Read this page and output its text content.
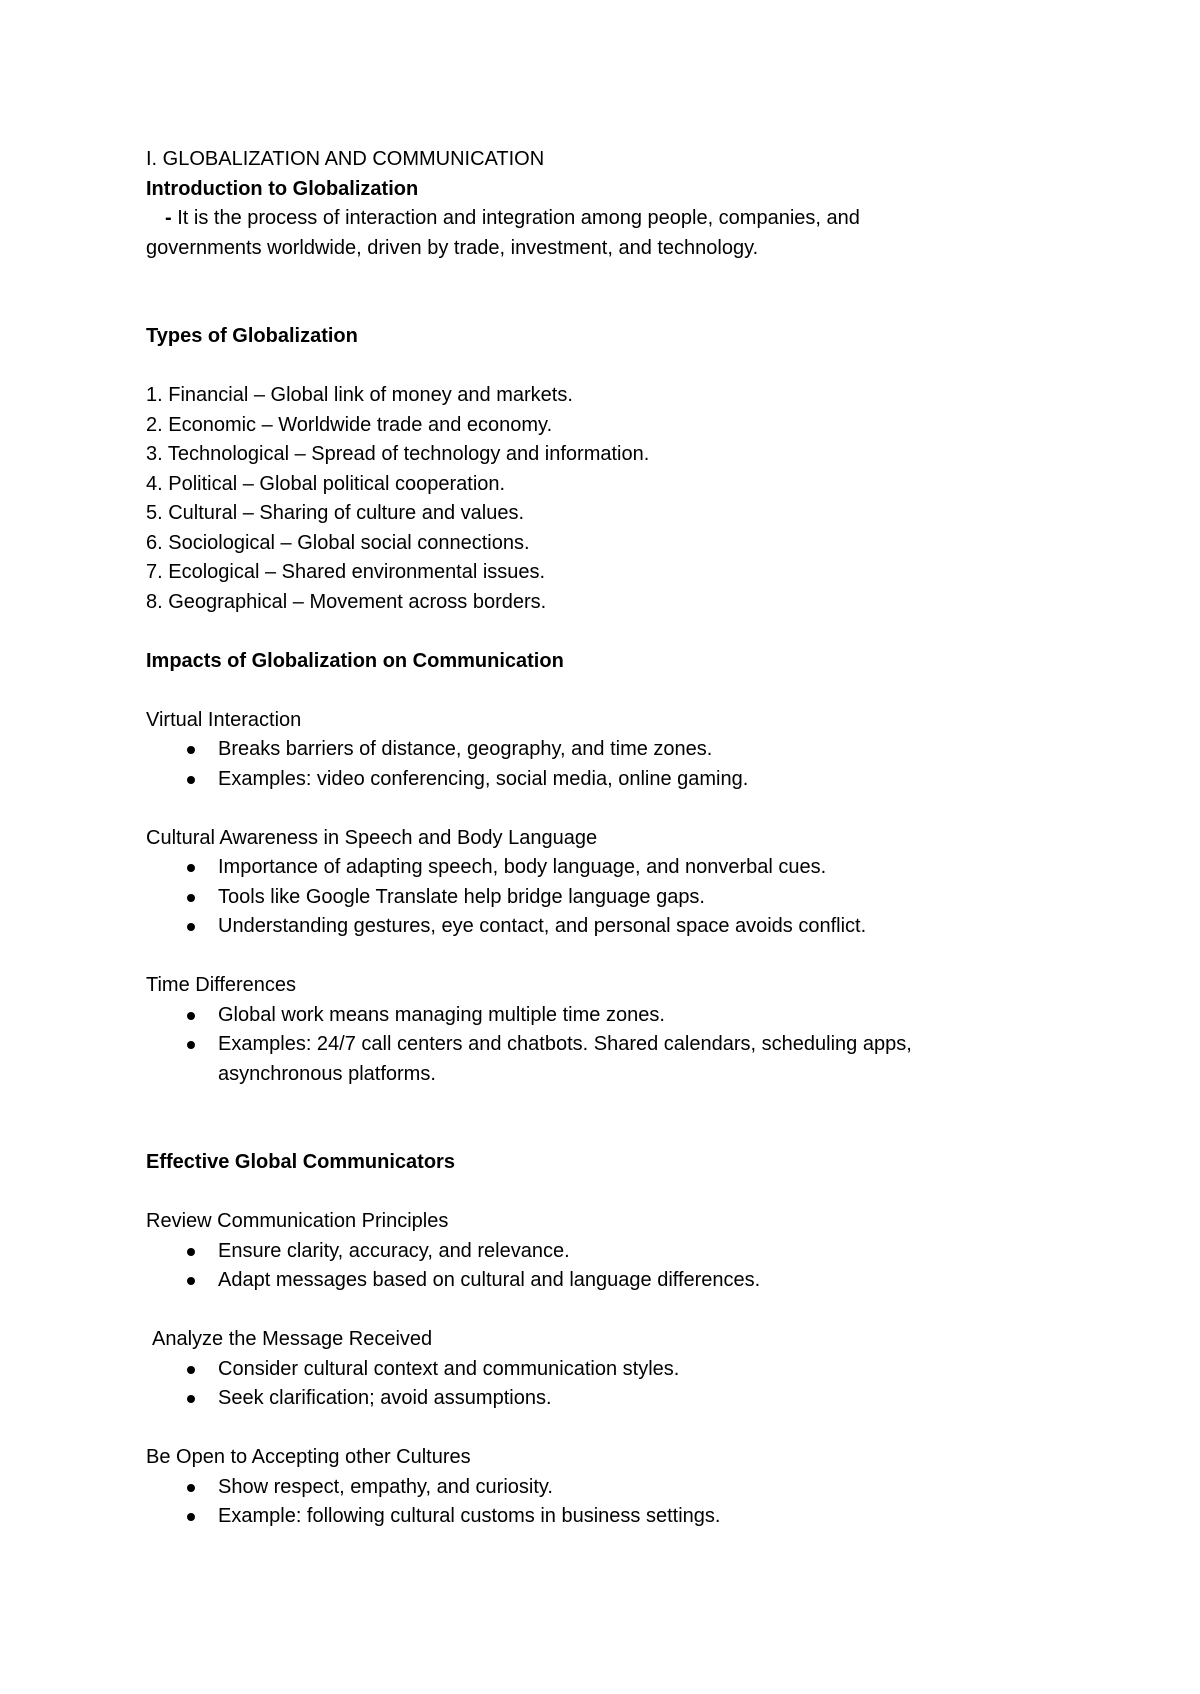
I. GLOBALIZATION AND COMMUNICATION

Introduction to Globalization

- It is the process of interaction and integration among people, companies, and

governments worldwide, driven by trade, investment, and technology.

Types of Globalization

1. Financial – Global link of money and markets.

2. Economic – Worldwide trade and economy.

3. Technological – Spread of technology and information.

4. Political – Global political cooperation.

5. Cultural – Sharing of culture and values.

6. Sociological – Global social connections.

7. Ecological – Shared environmental issues.

8. Geographical – Movement across borders.

Impacts of Globalization on Communication

Virtual Interaction

Breaks barriers of distance, geography, and time zones.
Examples: video conferencing, social media, online gaming.

Cultural Awareness in Speech and Body Language

Importance of adapting speech, body language, and nonverbal cues.
Tools like Google Translate help bridge language gaps.
Understanding gestures, eye contact, and personal space avoids conflict.

Time Differences

Global work means managing multiple time zones.
Examples: 24/7 call centers and chatbots. Shared calendars, scheduling apps, asynchronous platforms.

Effective Global Communicators

Review Communication Principles

Ensure clarity, accuracy, and relevance.
Adapt messages based on cultural and language differences.

Analyze the Message Received

Consider cultural context and communication styles.
Seek clarification; avoid assumptions.

Be Open to Accepting other Cultures

Show respect, empathy, and curiosity.
Example: following cultural customs in business settings.
